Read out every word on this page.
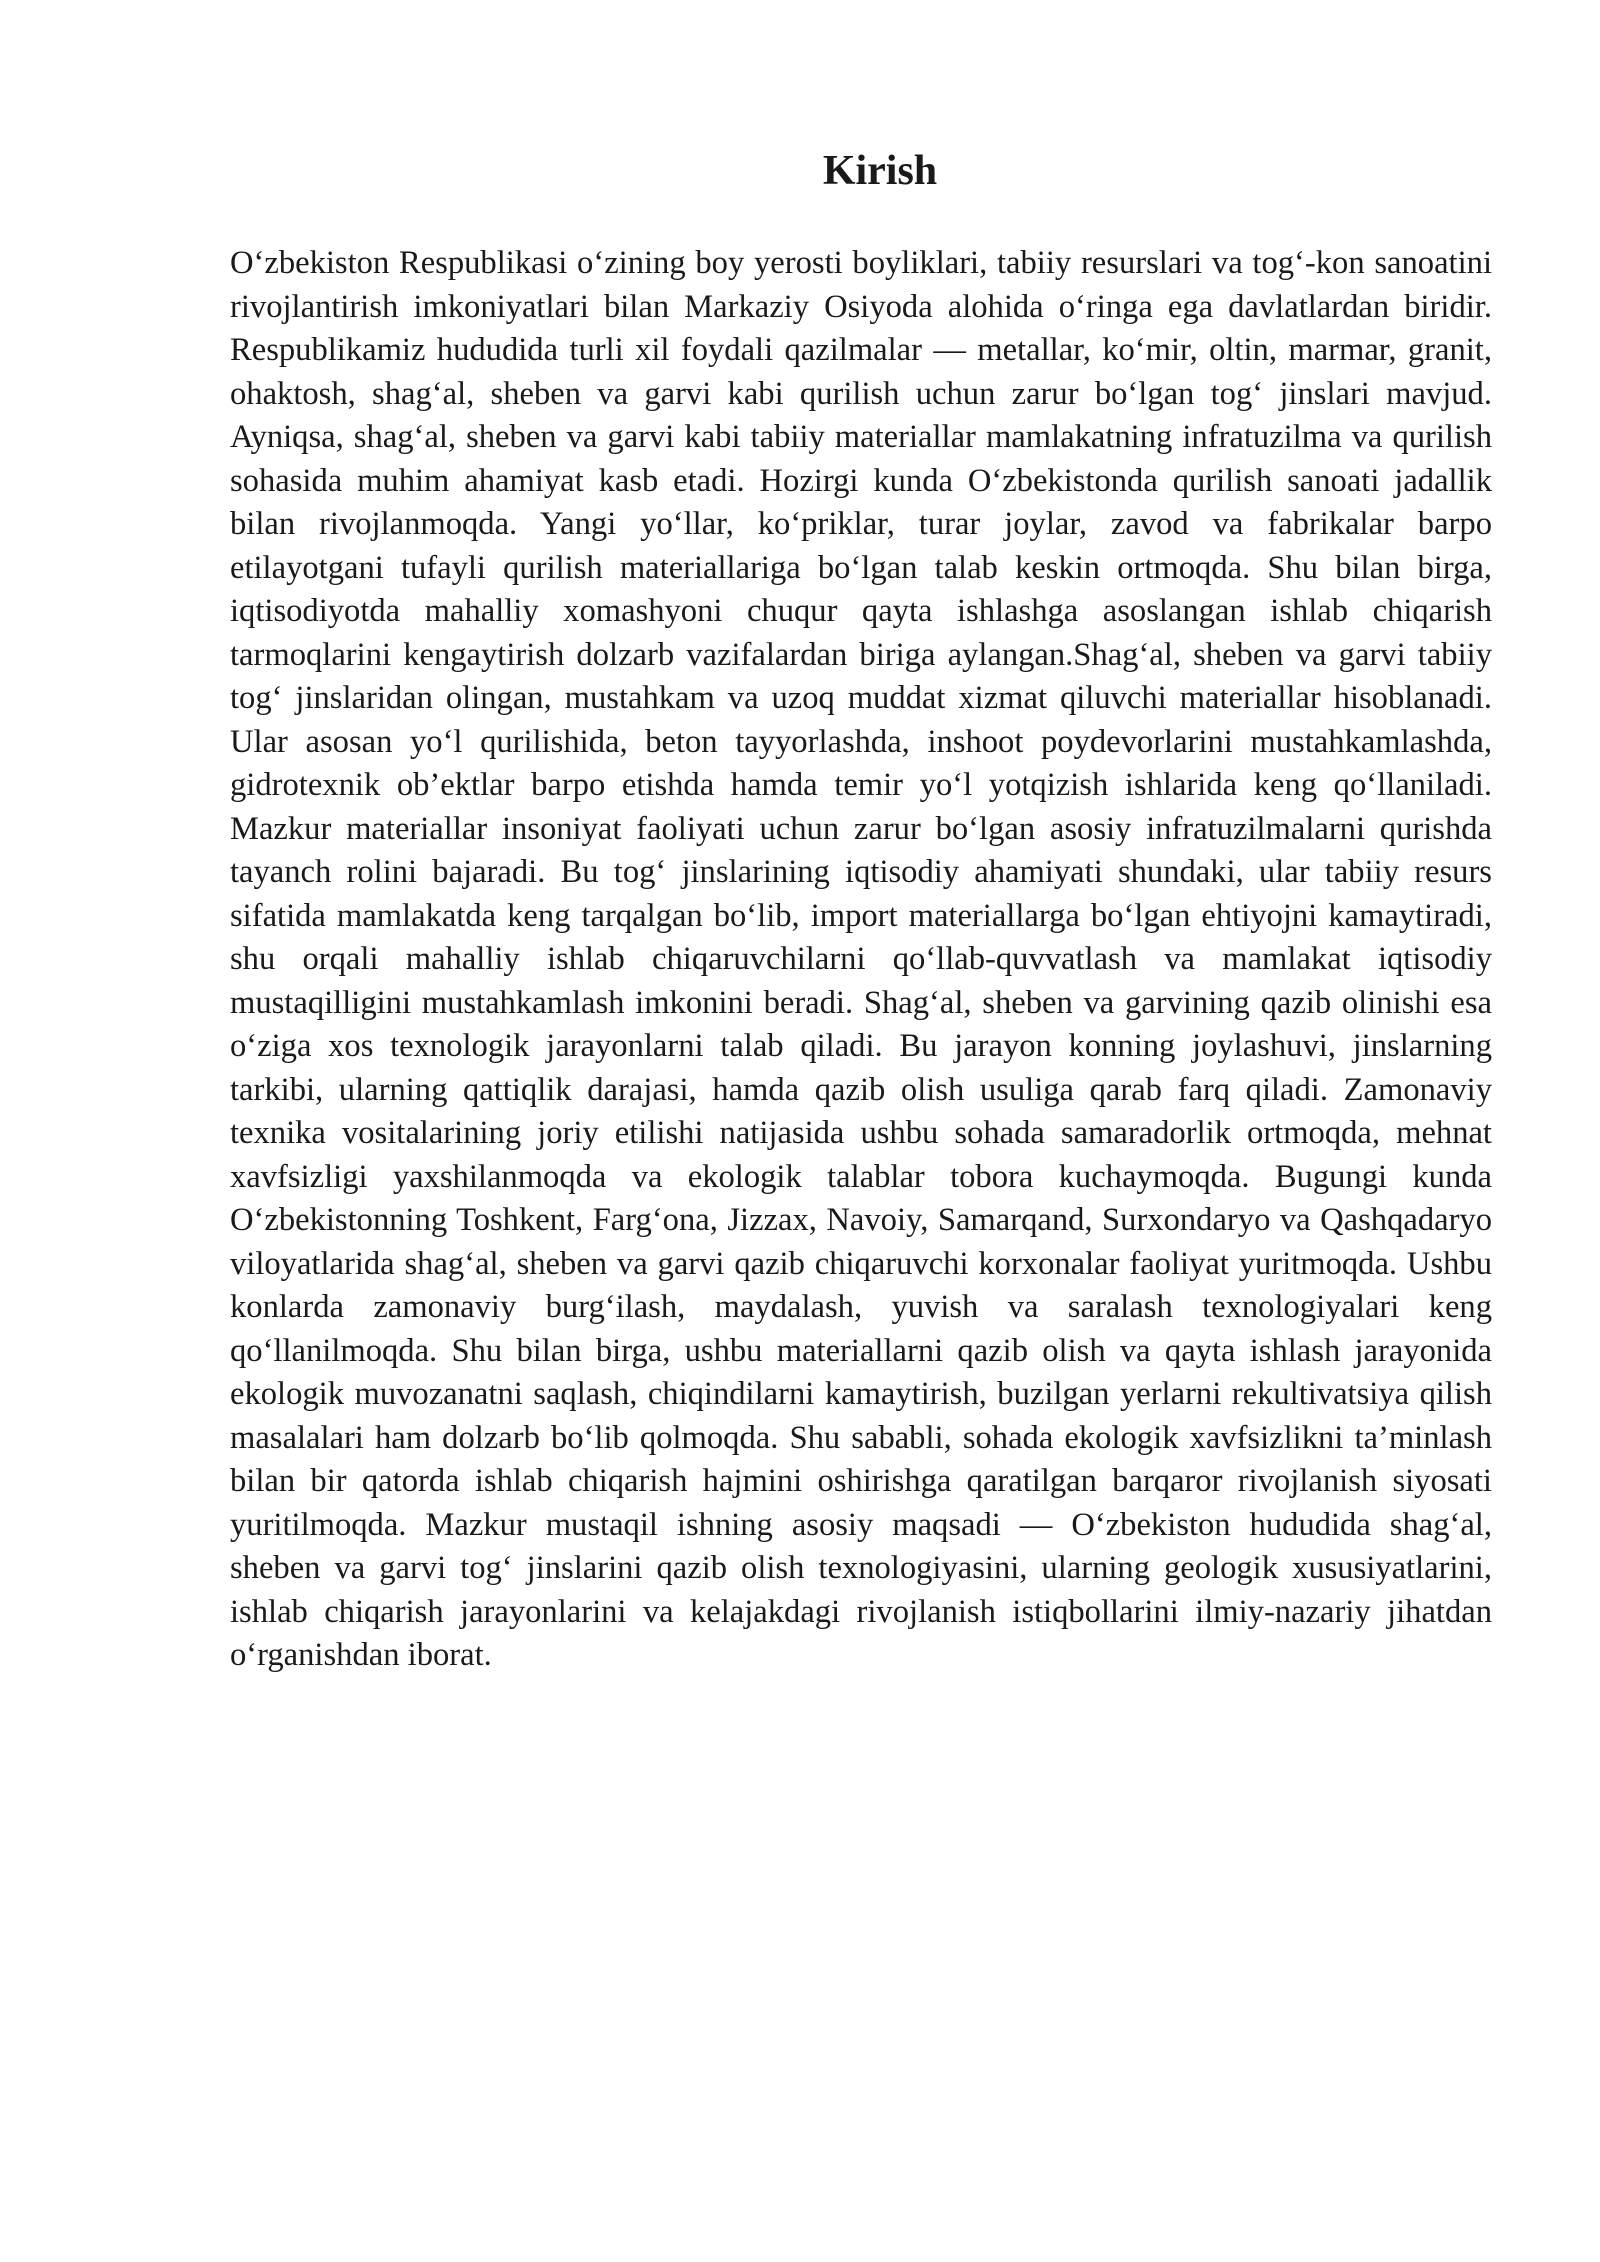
Kirish

O‘zbekiston Respublikasi o‘zining boy yerosti boyliklari, tabiiy resurslari va tog‘-kon sanoatini rivojlantirish imkoniyatlari bilan Markaziy Osiyoda alohida o‘ringa ega davlatlardan biridir. Respublikamiz hududida turli xil foydali qazilmalar — metallar, ko‘mir, oltin, marmar, granit, ohaktosh, shag‘al, sheben va garvi kabi qurilish uchun zarur bo‘lgan tog‘ jinslari mavjud. Ayniqsa, shag‘al, sheben va garvi kabi tabiiy materiallar mamlakatning infratuzilma va qurilish sohasida muhim ahamiyat kasb etadi. Hozirgi kunda O‘zbekistonda qurilish sanoati jadallik bilan rivojlanmoqda. Yangi yo‘llar, ko‘priklar, turar joylar, zavod va fabrikalar barpo etilayotgani tufayli qurilish materiallariga bo‘lgan talab keskin ortmoqda. Shu bilan birga, iqtisodiyotda mahalliy xomashyoni chuqur qayta ishlashga asoslangan ishlab chiqarish tarmoqlarini kengaytirish dolzarb vazifalardan biriga aylangan.Shag‘al, sheben va garvi tabiiy tog‘ jinslaridan olingan, mustahkam va uzoq muddat xizmat qiluvchi materiallar hisoblanadi. Ular asosan yo‘l qurilishida, beton tayyorlashda, inshoot poydevorlarini mustahkamlashda, gidrotexnik ob’ektlar barpo etishda hamda temir yo‘l yotqizish ishlarida keng qo‘llaniladi. Mazkur materiallar insoniyat faoliyati uchun zarur bo‘lgan asosiy infratuzilmalarni qurishda tayanch rolini bajaradi. Bu tog‘ jinslarining iqtisodiy ahamiyati shundaki, ular tabiiy resurs sifatida mamlakatda keng tarqalgan bo‘lib, import materiallarga bo‘lgan ehtiyojni kamaytiradi, shu orqali mahalliy ishlab chiqaruvchilarni qo‘llab-quvvatlash va mamlakat iqtisodiy mustaqilligini mustahkamlash imkonini beradi. Shag‘al, sheben va garvining qazib olinishi esa o‘ziga xos texnologik jarayonlarni talab qiladi. Bu jarayon konning joylashuvi, jinslarning tarkibi, ularning qattiqlik darajasi, hamda qazib olish usuliga qarab farq qiladi. Zamonaviy texnika vositalarining joriy etilishi natijasida ushbu sohada samaradorlik ortmoqda, mehnat xavfsizligi yaxshilanmoqda va ekologik talablar tobora kuchaymoqda. Bugungi kunda O‘zbekistonning Toshkent, Farg‘ona, Jizzax, Navoiy, Samarqand, Surxondaryo va Qashqadaryo viloyatlarida shag‘al, sheben va garvi qazib chiqaruvchi korxonalar faoliyat yuritmoqda. Ushbu konlarda zamonaviy burg‘ilash, maydalash, yuvish va saralash texnologiyalari keng qo‘llanilmoqda. Shu bilan birga, ushbu materiallarni qazib olish va qayta ishlash jarayonida ekologik muvozanatni saqlash, chiqindilarni kamaytirish, buzilgan yerlarni rekultivatsiya qilish masalalari ham dolzarb bo‘lib qolmoqda. Shu sababli, sohada ekologik xavfsizlikni ta’minlash bilan bir qatorda ishlab chiqarish hajmini oshirishga qaratilgan barqaror rivojlanish siyosati yuritilmoqda. Mazkur mustaqil ishning asosiy maqsadi — O‘zbekiston hududida shag‘al, sheben va garvi tog‘ jinslarini qazib olish texnologiyasini, ularning geologik xususiyatlarini, ishlab chiqarish jarayonlarini va kelajakdagi rivojlanish istiqbollarini ilmiy-nazariy jihatdan o‘rganishdan iborat.
